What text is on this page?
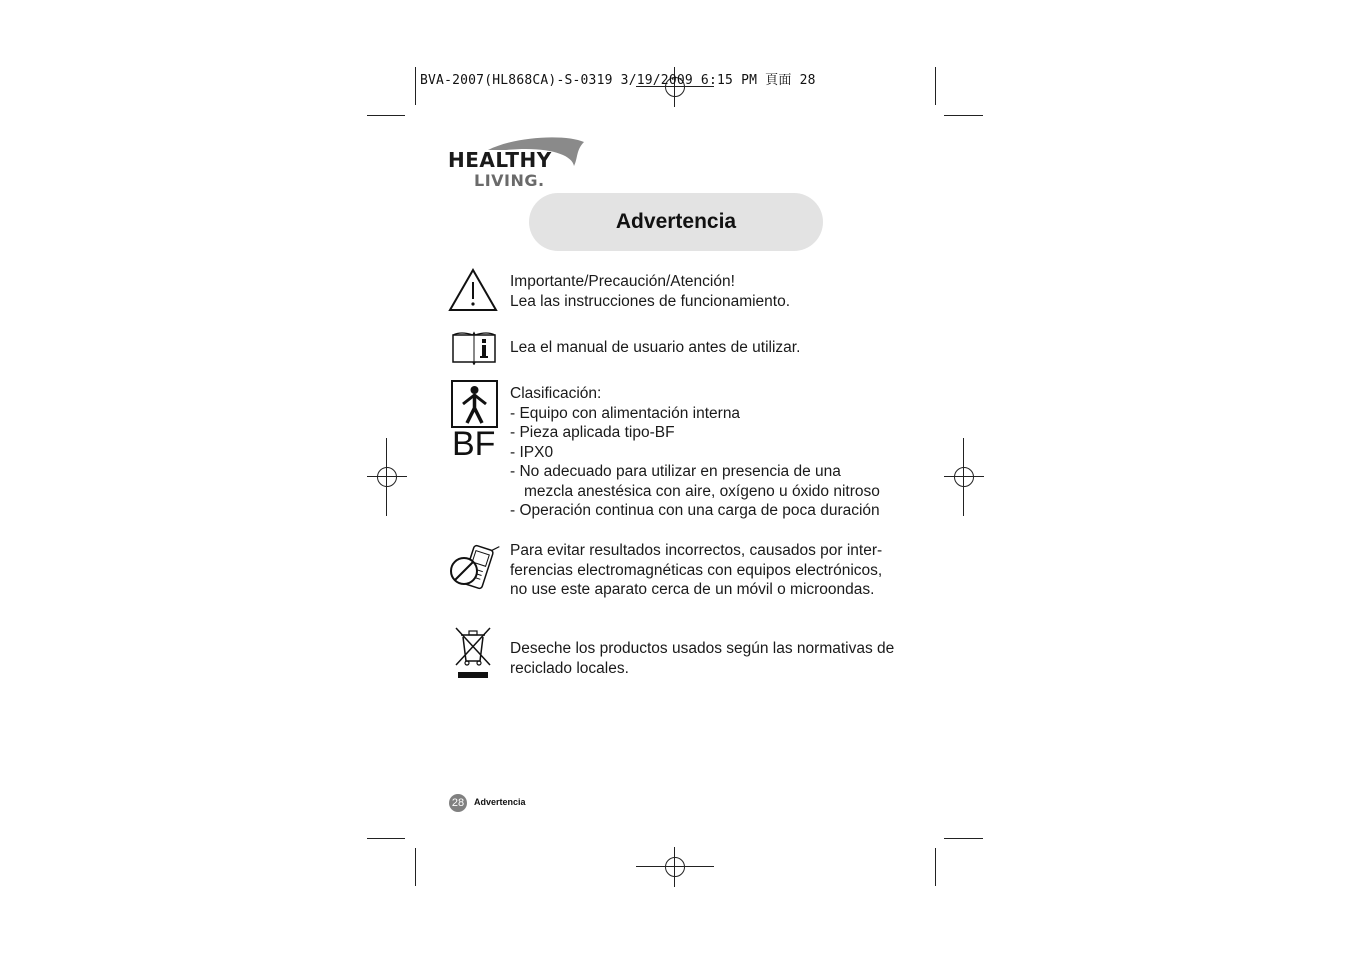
BVA-2007(HL868CA)-S-0319 3/19/2009 6:15 PM 頁面 28
HEALTHY
LIVING.
Advertencia
Importante/Precaución/Atención!
Lea las instrucciones de funcionamiento.
Lea el manual de usuario antes de utilizar.
BF
Clasificación:
- Equipo con alimentación interna
- Pieza aplicada tipo-BF
- IPX0
- No adecuado para utilizar en presencia de una
mezcla anestésica con aire, oxígeno u óxido nitroso
- Operación continua con una carga de poca duración
Para evitar resultados incorrectos, causados por inter-
ferencias electromagnéticas con equipos electrónicos,
no use este aparato cerca de un móvil o microondas.
Deseche los productos usados según las normativas de
reciclado locales.
28	Advertencia
